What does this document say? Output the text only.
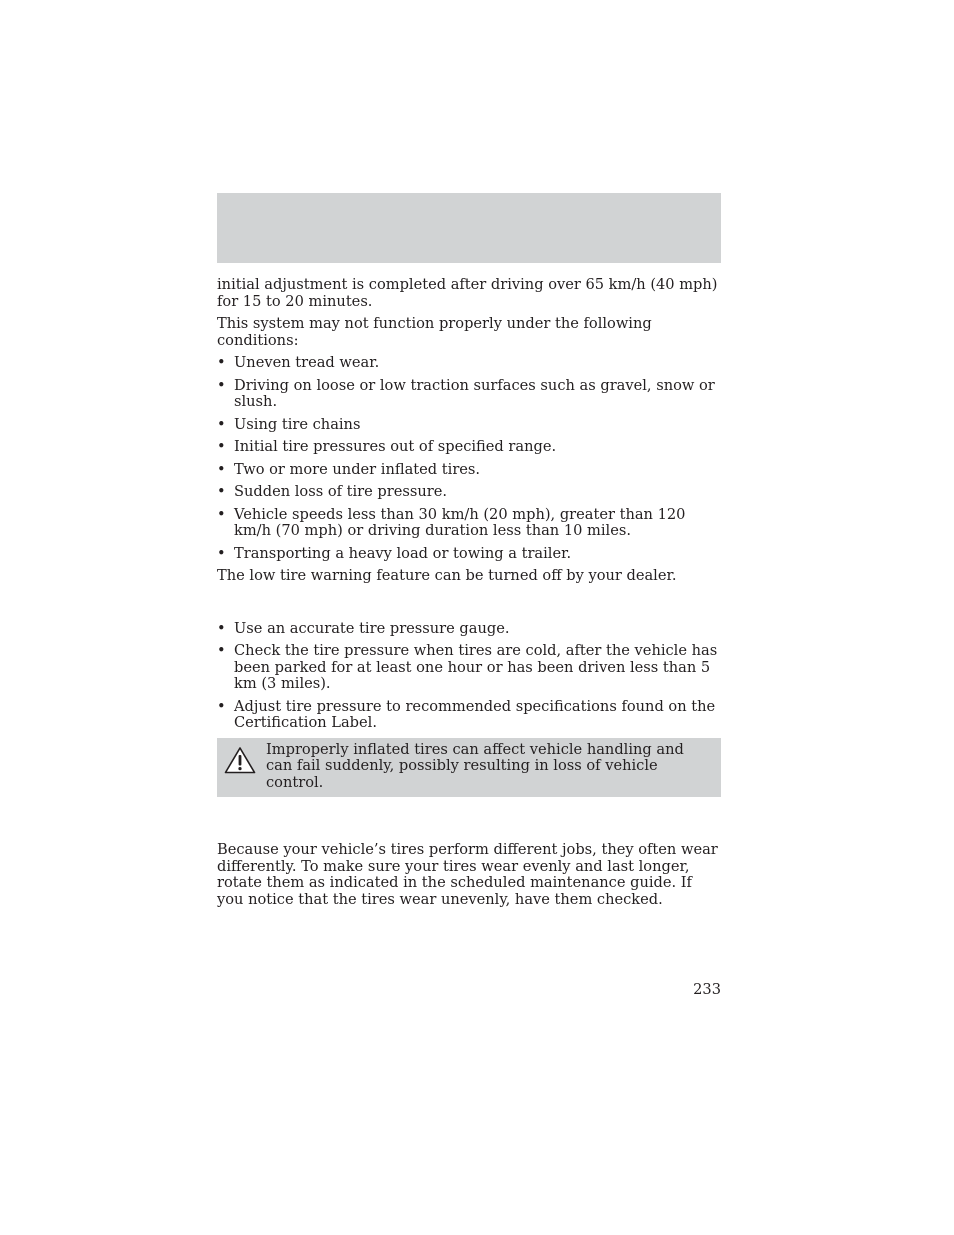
initial adjustment is completed after driving over 65 km/h (40 mph) for 15 to 20 minutes.

This system may not function properly under the following conditions:

• Uneven tread wear.
• Driving on loose or low traction surfaces such as gravel, snow or slush.
• Using tire chains
• Initial tire pressures out of specified range.
• Two or more under inflated tires.
• Sudden loss of tire pressure.
• Vehicle speeds less than 30 km/h (20 mph), greater than 120 km/h (70 mph) or driving duration less than 10 miles.
• Transporting a heavy load or towing a trailer.

The low tire warning feature can be turned off by your dealer.

• Use an accurate tire pressure gauge.
• Check the tire pressure when tires are cold, after the vehicle has been parked for at least one hour or has been driven less than 5 km (3 miles).
• Adjust tire pressure to recommended specifications found on the Certification Label.
Improperly inflated tires can affect vehicle handling and can fail suddenly, possibly resulting in loss of vehicle control.

Because your vehicle’s tires perform different jobs, they often wear differently. To make sure your tires wear evenly and last longer, rotate them as indicated in the scheduled maintenance guide. If you notice that the tires wear unevenly, have them checked.

233
